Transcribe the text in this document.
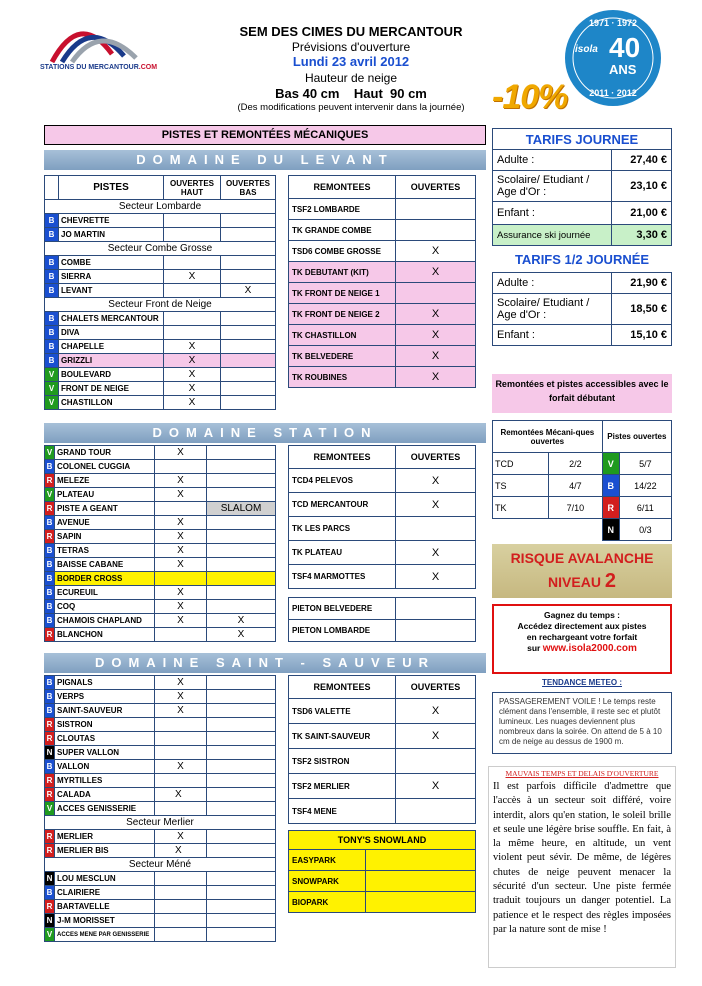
STATIONS DU MERCANTOUR.COM
SEM DES CIMES DU MERCANTOUR
Prévisions d'ouverture
Lundi 23 avril 2012
Hauteur de neige
Bas 40 cm    Haut  90 cm
(Des modifications peuvent intervenir dans la journée)
1971 · 1972
isola 40
ANS
2011 · 2012
-10%
PISTES ET REMONTÉES MÉCANIQUES
DOMAINE DU LEVANT
	PISTES	OUVERTES HAUT	OUVERTES BAS
Secteur Lombarde			
B	CHEVRETTE		
B	JO MARTIN		
Secteur Combe Grosse			
B	COMBE		
B	SIERRA	X	
B	LEVANT		X
Secteur Front de Neige			
B	CHALETS MERCANTOUR		
B	DIVA		
B	CHAPELLE	X	
B	GRIZZLI	X	
V	BOULEVARD	X	
V	FRONT DE NEIGE	X	
V	CHASTILLON	X	
REMONTEES	OUVERTES
TSF2 LOMBARDE	
TK GRANDE COMBE	
TSD6 COMBE GROSSE	X
TK DEBUTANT (KIT)	X
TK FRONT DE NEIGE 1	
TK FRONT DE NEIGE 2	X
TK CHASTILLON	X
TK BELVEDERE	X
TK ROUBINES	X
DOMAINE STATION
V	GRAND TOUR	X	
B	COLONEL CUGGIA		
R	MELEZE	X	
V	PLATEAU	X	
R	PISTE A GEANT		SLALOM
B	AVENUE	X	
R	SAPIN	X	
B	TETRAS	X	
B	BAISSE CABANE	X	
B	BORDER CROSS		
B	ECUREUIL	X	
B	COQ	X	
B	CHAMOIS CHAPLAND	X	X
R	BLANCHON		X
REMONTEES	OUVERTES
TCD4 PELEVOS	X
TCD MERCANTOUR	X
TK LES PARCS	
TK PLATEAU	X
TSF4 MARMOTTES	X
PIETON BELVEDERE	
PIETON LOMBARDE	
DOMAINE SAINT - SAUVEUR
B	PIGNALS	X	
B	VERPS	X	
B	SAINT-SAUVEUR	X	
R	SISTRON		
R	CLOUTAS		
N	SUPER VALLON		
B	VALLON	X	
R	MYRTILLES		
R	CALADA	X	
V	ACCES GENISSERIE		
Secteur Merlier			
R	MERLIER	X	
R	MERLIER BIS	X	
Secteur Méné			
N	LOU MESCLUN		
B	CLAIRIERE		
R	BARTAVELLE		
N	J-M MORISSET		
V	ACCES MENE PAR GENISSERIE		
REMONTEES	OUVERTES
TSD6 VALETTE	X
TK SAINT-SAUVEUR	X
TSF2 SISTRON	
TSF2 MERLIER	X
TSF4 MENE	
TONY'S SNOWLAND	
EASYPARK	
SNOWPARK	
BIOPARK	
TARIFS JOURNEE	
Adulte :	27,40 €
Scolaire/ Etudiant / Age d'Or :	23,10 €
Enfant :	21,00 €
Assurance ski journée	3,30 €
TARIFS 1/2 JOURNÉE	
Adulte :	21,90 €
Scolaire/ Etudiant / Age d'Or :	18,50 €
Enfant :	15,10 €
Remontées et pistes accessibles avec le forfait débutant
Remontées Mécani-ques ouvertes		Pistes ouvertes	
TCD	2/2	V	5/7
TS	4/7	B	14/22
TK	7/10	R	6/11
		N	0/3
RISQUE AVALANCHE
NIVEAU 2
Gagnez du temps :
Accédez directement aux pistes
en rechargeant votre forfait
sur www.isola2000.com
TENDANCE METEO :
PASSAGEREMENT VOILE ! Le temps reste clément dans l'ensemble, il reste sec et plutôt lumineux. Les nuages deviennent plus nombreux dans la soirée. On attend de 5 à 10 cm de neige au dessus de 1900 m.
MAUVAIS TEMPS ET DELAIS D'OUVERTURE
Il est parfois difficile d'admettre que l'accès à un secteur soit différé, voire interdit, alors qu'en station, le soleil brille et seule une légère brise souffle. En fait, à la même heure, en altitude, un vent violent peut sévir. De même, de légères chutes de neige peuvent menacer la sécurité d'un secteur. Une piste fermée traduit toujours un danger potentiel. La patience et le respect des règles imposées par la nature sont de mise !
